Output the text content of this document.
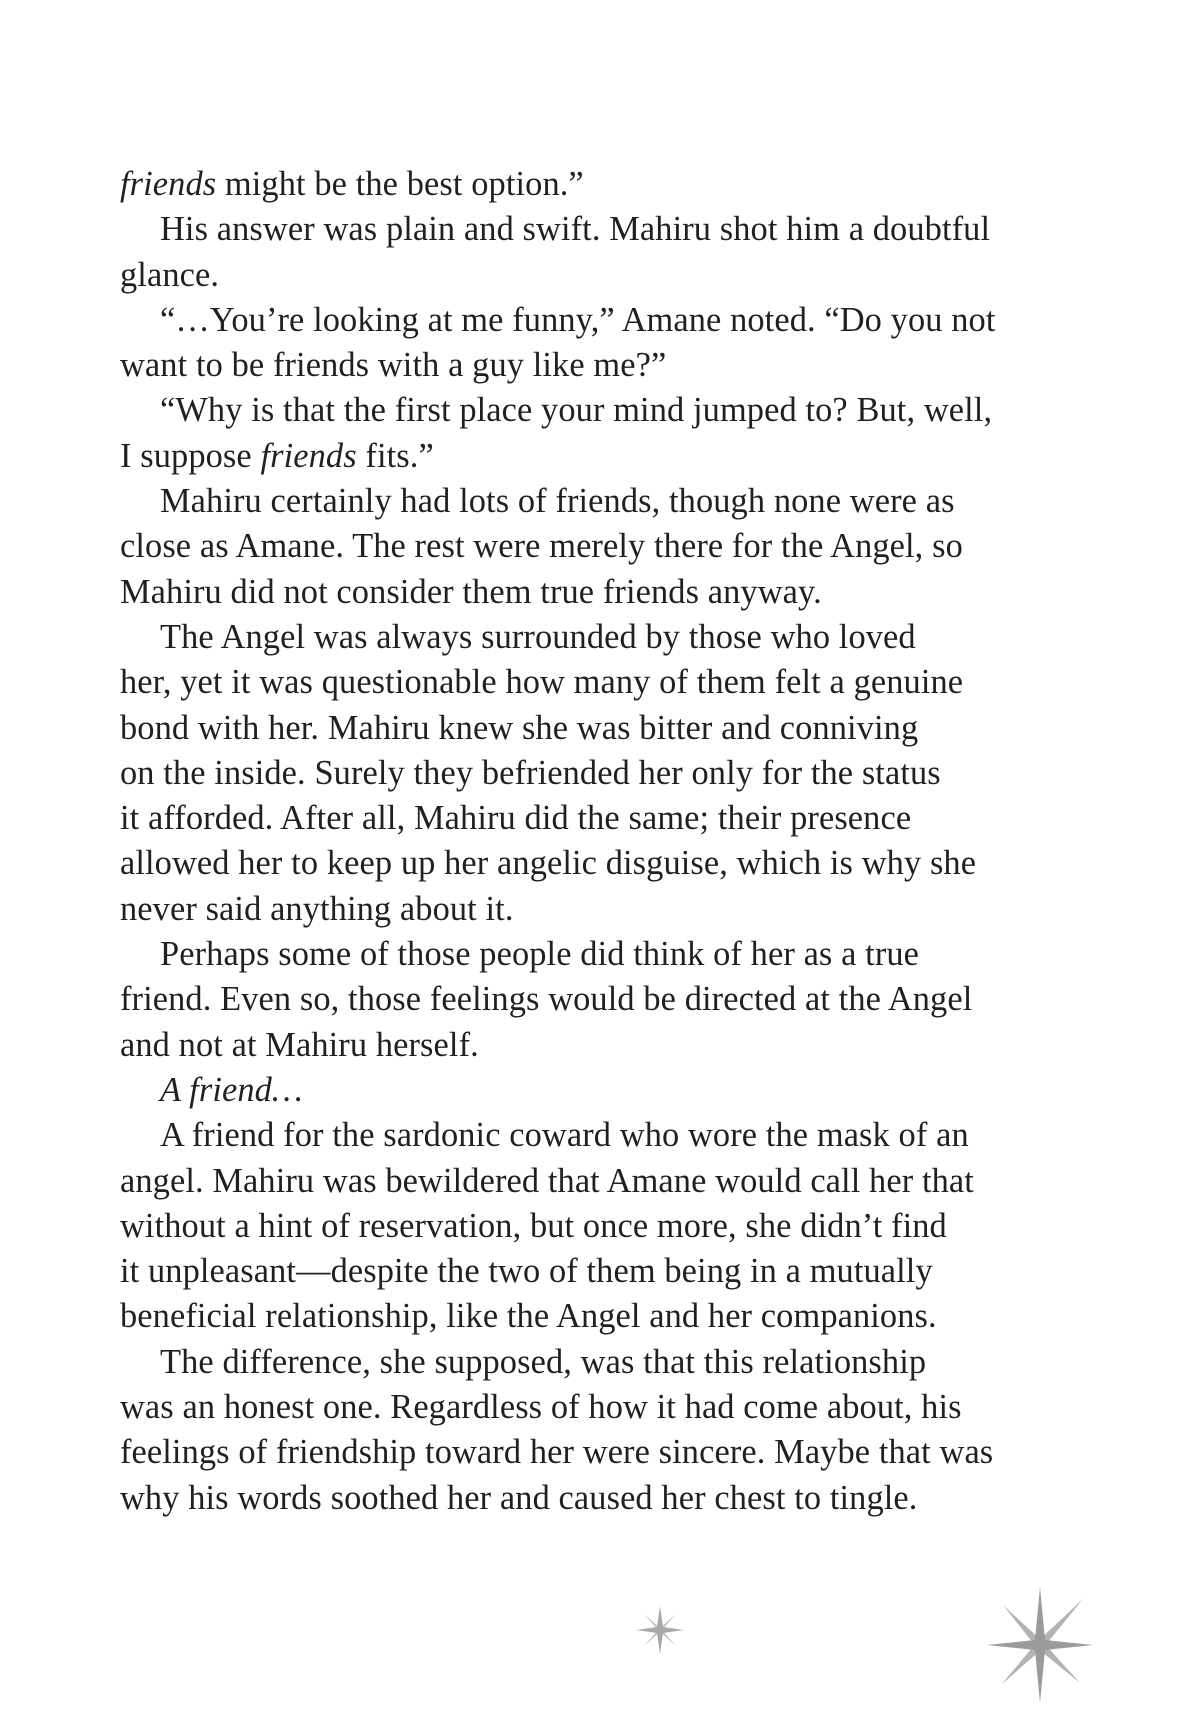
friends might be the best option.”
His answer was plain and swift. Mahiru shot him a doubtful
glance.
“…You’re looking at me funny,” Amane noted. “Do you not
want to be friends with a guy like me?”
“Why is that the first place your mind jumped to? But, well,
I suppose friends fits.”
Mahiru certainly had lots of friends, though none were as
close as Amane. The rest were merely there for the Angel, so
Mahiru did not consider them true friends anyway.
The Angel was always surrounded by those who loved
her, yet it was questionable how many of them felt a genuine
bond with her. Mahiru knew she was bitter and conniving
on the inside. Surely they befriended her only for the status
it afforded. After all, Mahiru did the same; their presence
allowed her to keep up her angelic disguise, which is why she
never said anything about it.
Perhaps some of those people did think of her as a true
friend. Even so, those feelings would be directed at the Angel
and not at Mahiru herself.
A friend…
A friend for the sardonic coward who wore the mask of an
angel. Mahiru was bewildered that Amane would call her that
without a hint of reservation, but once more, she didn’t find
it unpleasant—despite the two of them being in a mutually
beneficial relationship, like the Angel and her companions.
The difference, she supposed, was that this relationship
was an honest one. Regardless of how it had come about, his
feelings of friendship toward her were sincere. Maybe that was
why his words soothed her and caused her chest to tingle.
